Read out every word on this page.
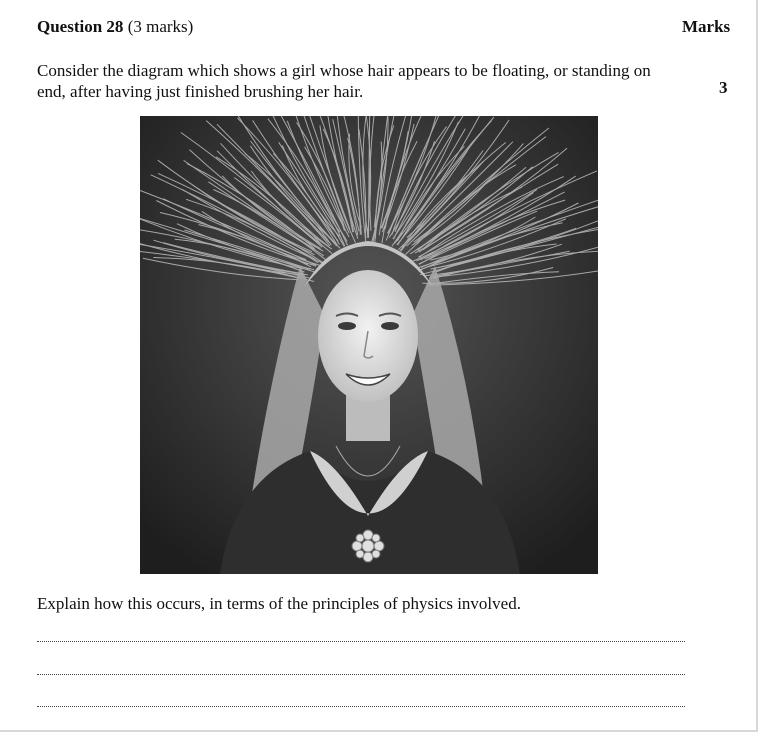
Question 28 (3 marks)	Marks
Consider the diagram which shows a girl whose hair appears to be floating, or standing on end, after having just finished brushing her hair.	3
Explain how this occurs, in terms of the principles of physics involved.
